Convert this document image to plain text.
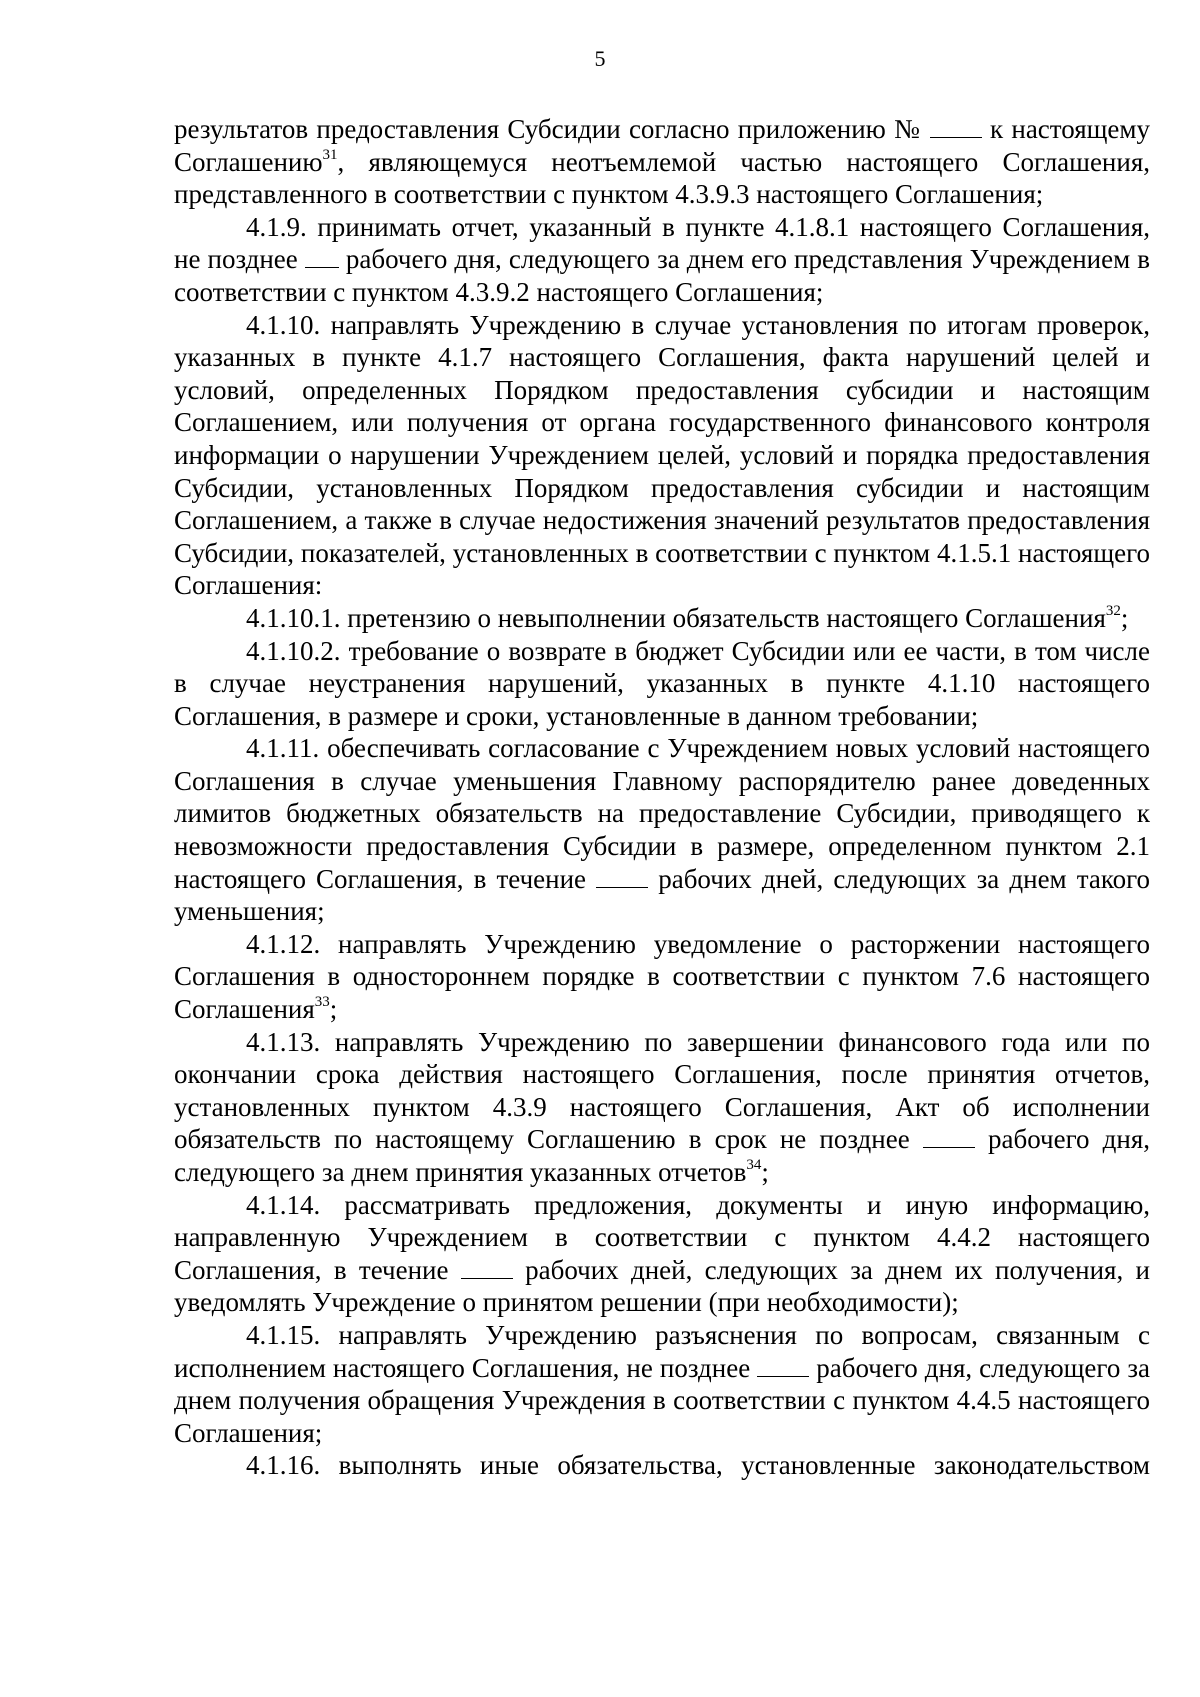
5

результатов предоставления Субсидии согласно приложению №  к настоящему Соглашению$^{31}$, являющемуся неотъемлемой частью настоящего Соглашения, представленного в соответствии с пунктом 4.3.9.3 настоящего Соглашения;

4.1.9. принимать отчет, указанный в пункте 4.1.8.1 настоящего Соглашения, не позднее  рабочего дня, следующего за днем его представления Учреждением в соответствии с пунктом 4.3.9.2 настоящего Соглашения;

4.1.10. направлять Учреждению в случае установления по итогам проверок, указанных в пункте 4.1.7 настоящего Соглашения, факта нарушений целей и условий, определенных Порядком предоставления субсидии и настоящим Соглашением, или получения от органа государственного финансового контроля информации о нарушении Учреждением целей, условий и порядка предоставления Субсидии, установленных Порядком предоставления субсидии и настоящим Соглашением, а также в случае недостижения значений результатов предоставления Субсидии, показателей, установленных в соответствии с пунктом 4.1.5.1 настоящего Соглашения:

4.1.10.1. претензию о невыполнении обязательств настоящего Соглашения$^{32}$;

4.1.10.2. требование о возврате в бюджет Субсидии или ее части, в том числе в случае неустранения нарушений, указанных в пункте 4.1.10 настоящего Соглашения, в размере и сроки, установленные в данном требовании;

4.1.11. обеспечивать согласование с Учреждением новых условий настоящего Соглашения в случае уменьшения Главному распорядителю ранее доведенных лимитов бюджетных обязательств на предоставление Субсидии, приводящего к невозможности предоставления Субсидии в размере, определенном пунктом 2.1 настоящего Соглашения, в течение  рабочих дней, следующих за днем такого уменьшения;

4.1.12. направлять Учреждению уведомление о расторжении настоящего Соглашения в одностороннем порядке в соответствии с пунктом 7.6 настоящего Соглашения$^{33}$;

4.1.13. направлять Учреждению по завершении финансового года или по окончании срока действия настоящего Соглашения, после принятия отчетов, установленных пунктом 4.3.9 настоящего Соглашения, Акт об исполнении обязательств по настоящему Соглашению в срок не позднее  рабочего дня, следующего за днем принятия указанных отчетов$^{34}$;

4.1.14. рассматривать предложения, документы и иную информацию, направленную Учреждением в соответствии с пунктом 4.4.2 настоящего Соглашения, в течение  рабочих дней, следующих за днем их получения, и уведомлять Учреждение о принятом решении (при необходимости);

4.1.15. направлять Учреждению разъяснения по вопросам, связанным с исполнением настоящего Соглашения, не позднее  рабочего дня, следующего за днем получения обращения Учреждения в соответствии с пунктом 4.4.5 настоящего Соглашения;

4.1.16. выполнять иные обязательства, установленные законодательством
